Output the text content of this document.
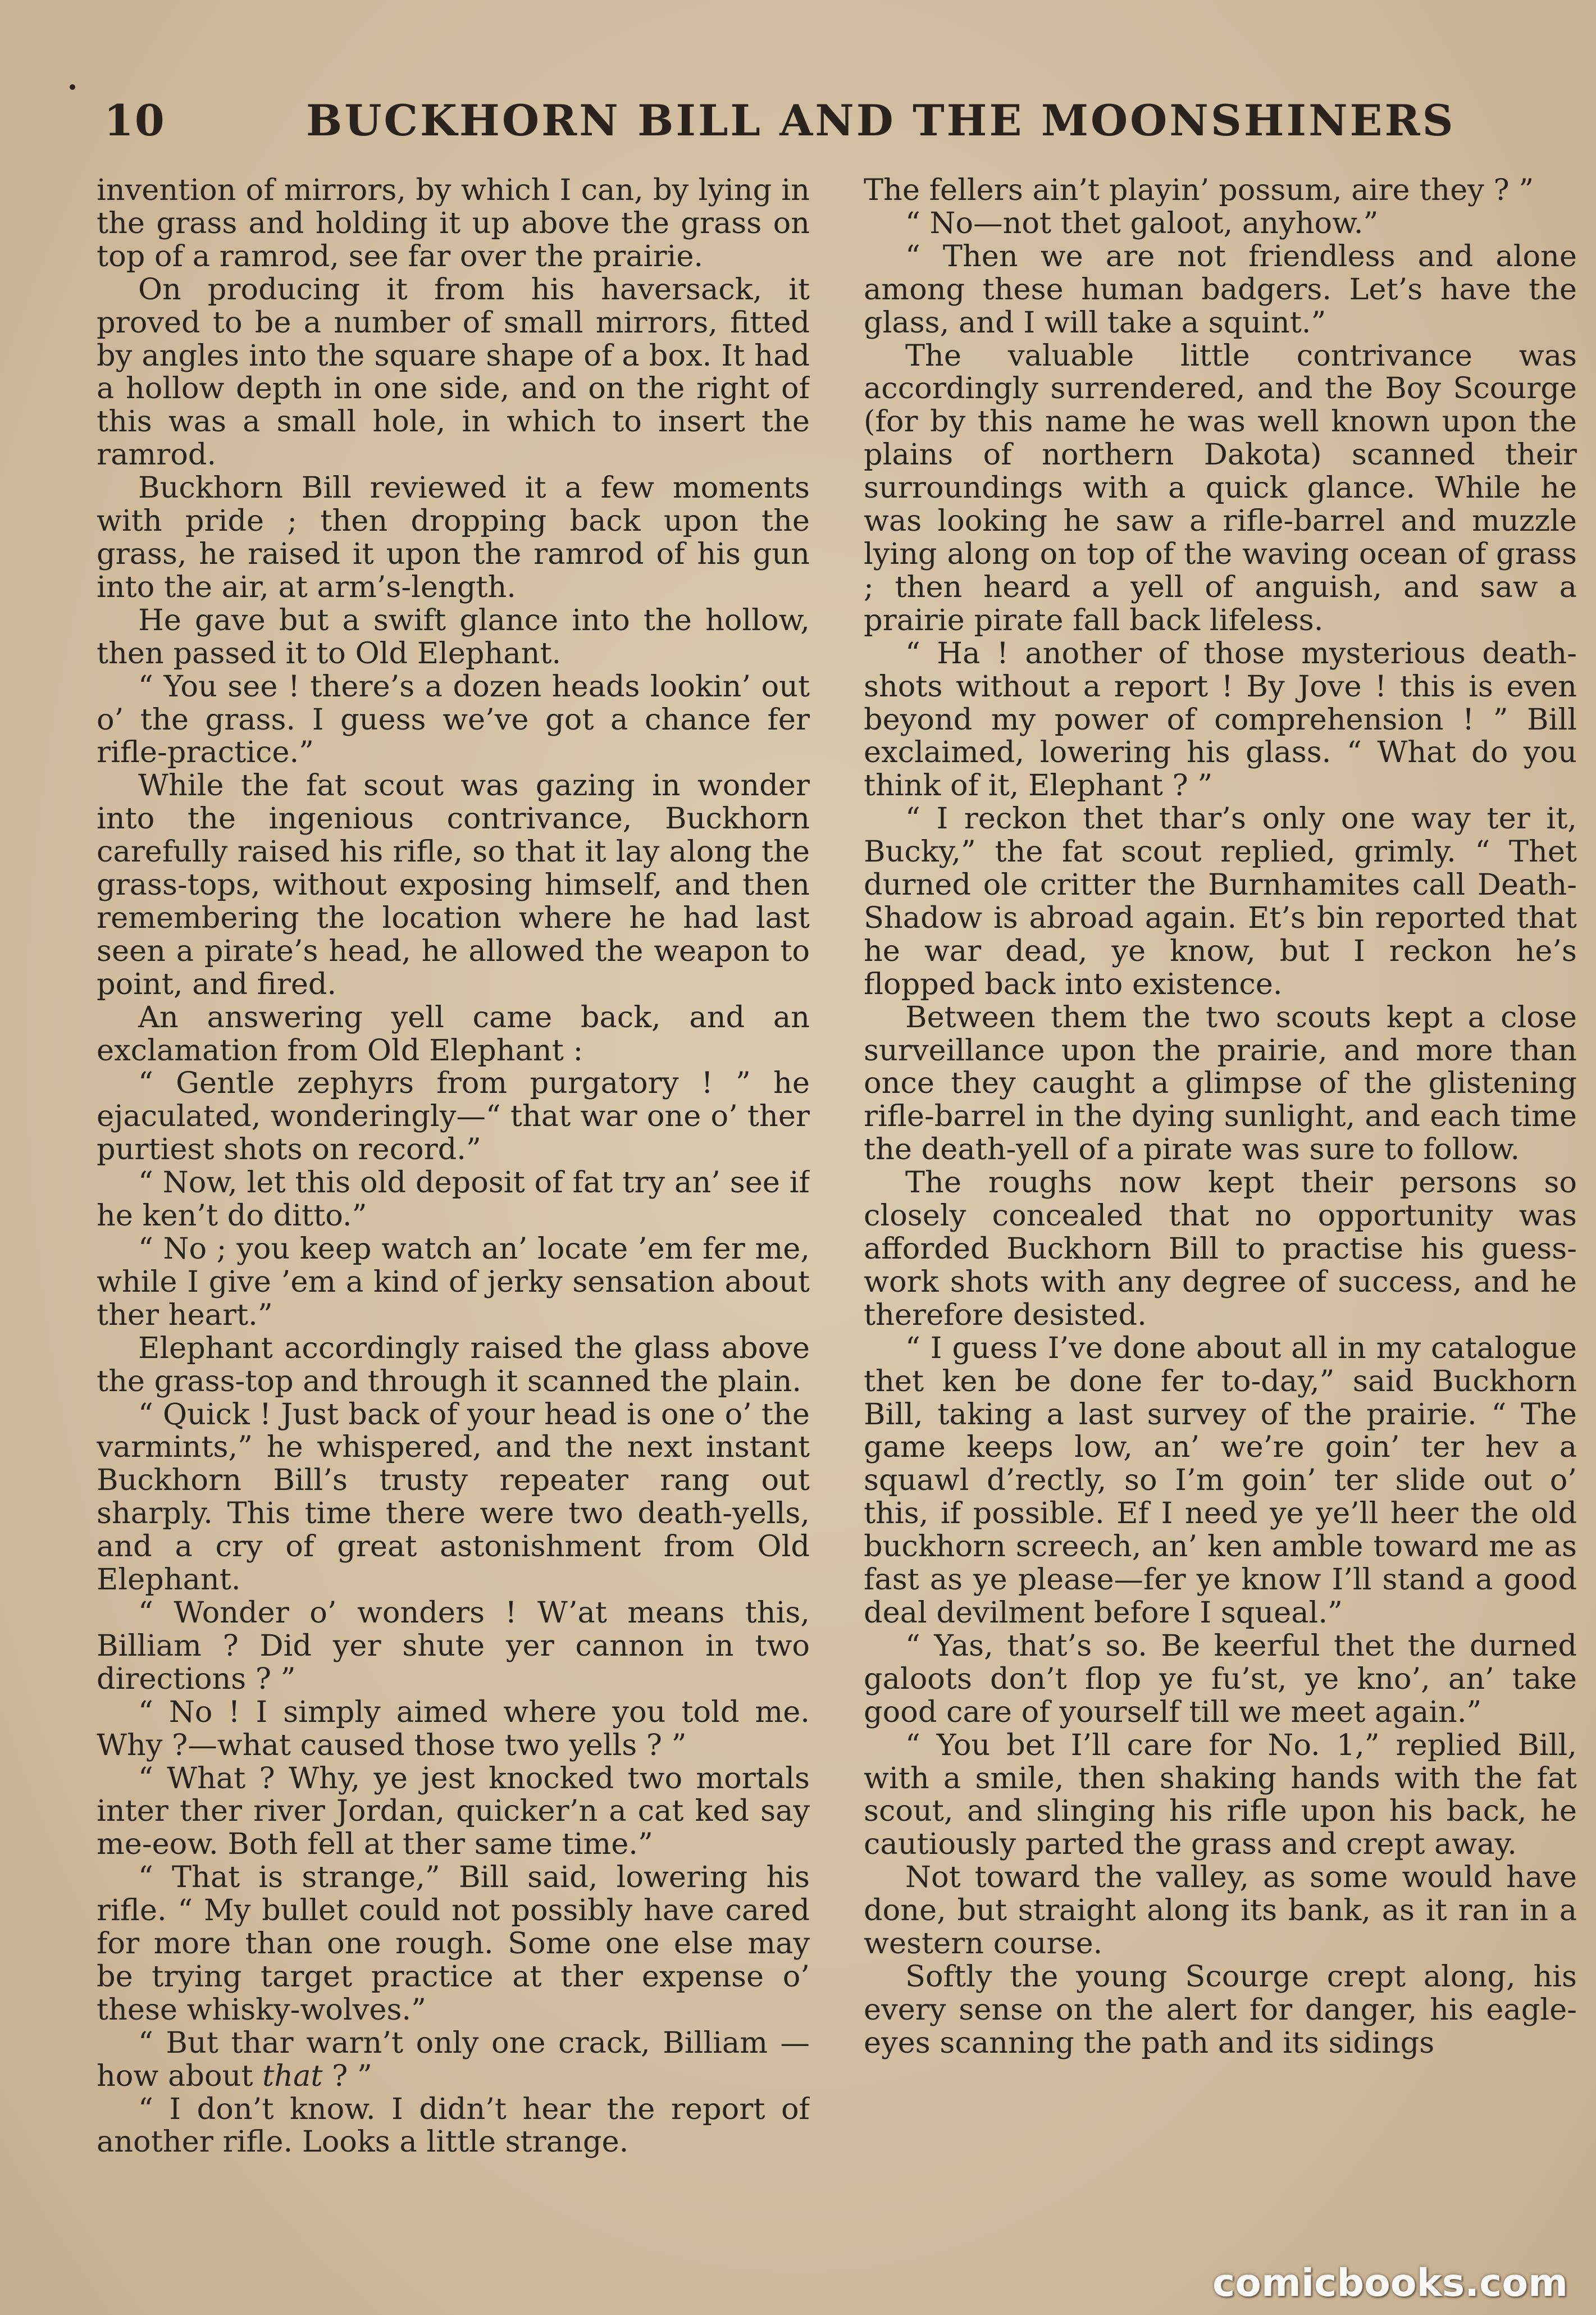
10	BUCKHORN BILL AND THE MOONSHINERS

invention of mirrors, by which I can, by lying in the grass and holding it up above the grass on top of a ramrod, see far over the prairie.

On producing it from his haversack, it proved to be a number of small mirrors, fitted by angles into the square shape of a box. It had a hollow depth in one side, and on the right of this was a small hole, in which to insert the ramrod.

Buckhorn Bill reviewed it a few moments with pride ; then dropping back upon the grass, he raised it upon the ramrod of his gun into the air, at arm’s-length.

He gave but a swift glance into the hollow, then passed it to Old Elephant.

“ You see ! there’s a dozen heads lookin’ out o’ the grass. I guess we’ve got a chance fer rifle-practice.”

While the fat scout was gazing in wonder into the ingenious contrivance, Buckhorn carefully raised his rifle, so that it lay along the grass-tops, without exposing himself, and then remembering the location where he had last seen a pirate’s head, he allowed the weapon to point, and fired.

An answering yell came back, and an exclamation from Old Elephant :

“ Gentle zephyrs from purgatory ! ” he ejaculated, wonderingly—“ that war one o’ ther purtiest shots on record.”

“ Now, let this old deposit of fat try an’ see if he ken’t do ditto.”

“ No ; you keep watch an’ locate ’em fer me, while I give ’em a kind of jerky sensation about ther heart.”

Elephant accordingly raised the glass above the grass-top and through it scanned the plain.

“ Quick ! Just back of your head is one o’ the varmints,” he whispered, and the next instant Buckhorn Bill’s trusty repeater rang out sharply. This time there were two death-yells, and a cry of great astonishment from Old Elephant.

“ Wonder o’ wonders ! W’at means this, Billiam ? Did yer shute yer cannon in two directions ? ”

“ No ! I simply aimed where you told me. Why ?—what caused those two yells ? ”

“ What ? Why, ye jest knocked two mortals inter ther river Jordan, quicker’n a cat ked say me-eow. Both fell at ther same time.”

“ That is strange,” Bill said, lowering his rifle. “ My bullet could not possibly have cared for more than one rough. Some one else may be trying target practice at ther expense o’ these whisky-wolves.”

“ But thar warn’t only one crack, Billiam —how about that ? ”

“ I don’t know. I didn’t hear the report of another rifle. Looks a little strange.

The fellers ain’t playin’ possum, aire they ? ”

“ No—not thet galoot, anyhow.”

“ Then we are not friendless and alone among these human badgers. Let’s have the glass, and I will take a squint.”

The valuable little contrivance was accordingly surrendered, and the Boy Scourge (for by this name he was well known upon the plains of northern Dakota) scanned their surroundings with a quick glance. While he was looking he saw a rifle-barrel and muzzle lying along on top of the waving ocean of grass ; then heard a yell of anguish, and saw a prairie pirate fall back lifeless.

“ Ha ! another of those mysterious death-shots without a report ! By Jove ! this is even beyond my power of comprehension ! ” Bill exclaimed, lowering his glass. “ What do you think of it, Elephant ? ”

“ I reckon thet thar’s only one way ter it, Bucky,” the fat scout replied, grimly. “ Thet durned ole critter the Burnhamites call Death-Shadow is abroad again. Et’s bin reported that he war dead, ye know, but I reckon he’s flopped back into existence.

Between them the two scouts kept a close surveillance upon the prairie, and more than once they caught a glimpse of the glistening rifle-barrel in the dying sunlight, and each time the death-yell of a pirate was sure to follow.

The roughs now kept their persons so closely concealed that no opportunity was afforded Buckhorn Bill to practise his guess-work shots with any degree of success, and he therefore desisted.

“ I guess I’ve done about all in my catalogue thet ken be done fer to-day,” said Buckhorn Bill, taking a last survey of the prairie. “ The game keeps low, an’ we’re goin’ ter hev a squawl d’rectly, so I’m goin’ ter slide out o’ this, if possible. Ef I need ye ye’ll heer the old buckhorn screech, an’ ken amble toward me as fast as ye please—fer ye know I’ll stand a good deal devilment before I squeal.”

“ Yas, that’s so. Be keerful thet the durned galoots don’t flop ye fu’st, ye kno’, an’ take good care of yourself till we meet again.”

“ You bet I’ll care for No. 1,” replied Bill, with a smile, then shaking hands with the fat scout, and slinging his rifle upon his back, he cautiously parted the grass and crept away.

Not toward the valley, as some would have done, but straight along its bank, as it ran in a western course.

Softly the young Scourge crept along, his every sense on the alert for danger, his eagle-eyes scanning the path and its sidings

comicbooks.com
